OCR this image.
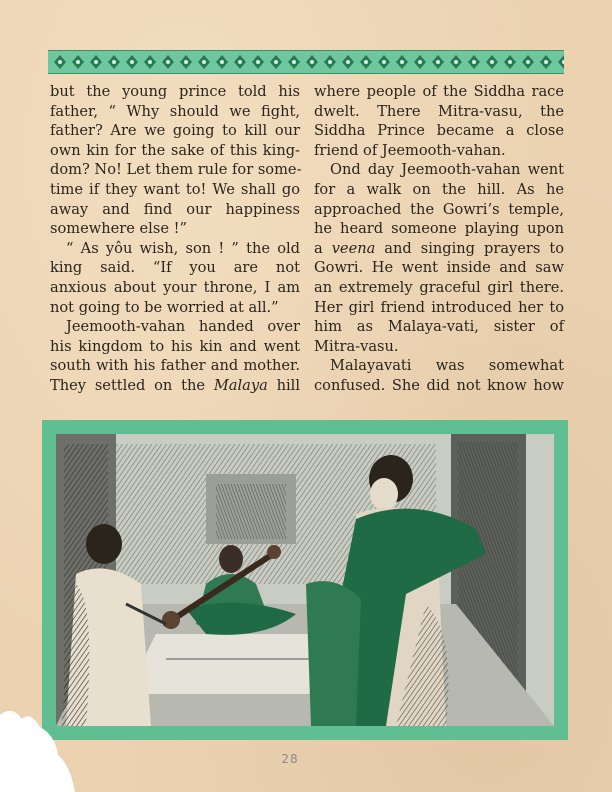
but the young prince told his
father, “ Why should we fight,
father? Are we going to kill our
own kin for the sake of this king-
dom? No! Let them rule for some-
time if they want to! We shall go
away and find our happiness
somewhere else !”
“ As yôu wish, son ! ” the old
king said. “If you are not
anxious about your throne, I am
not going to be worried at all.”
Jeemooth-vahan handed over
his kingdom to his kin and went
south with his father and mother.
They settled on the Malaya hill
where people of the Siddha race
dwelt. There Mitra-vasu, the
Siddha Prince became a close
friend of Jeemooth-vahan.
Ond day Jeemooth-vahan went
for a walk on the hill. As he
approached the Gowri’s temple,
he heard someone playing upon
a veena and singing prayers to
Gowri. He went inside and saw
an extremely graceful girl there.
Her girl friend introduced her to
him as Malaya-vati, sister of
Mitra-vasu.
Malayavati was somewhat
confused. She did not know how
28
